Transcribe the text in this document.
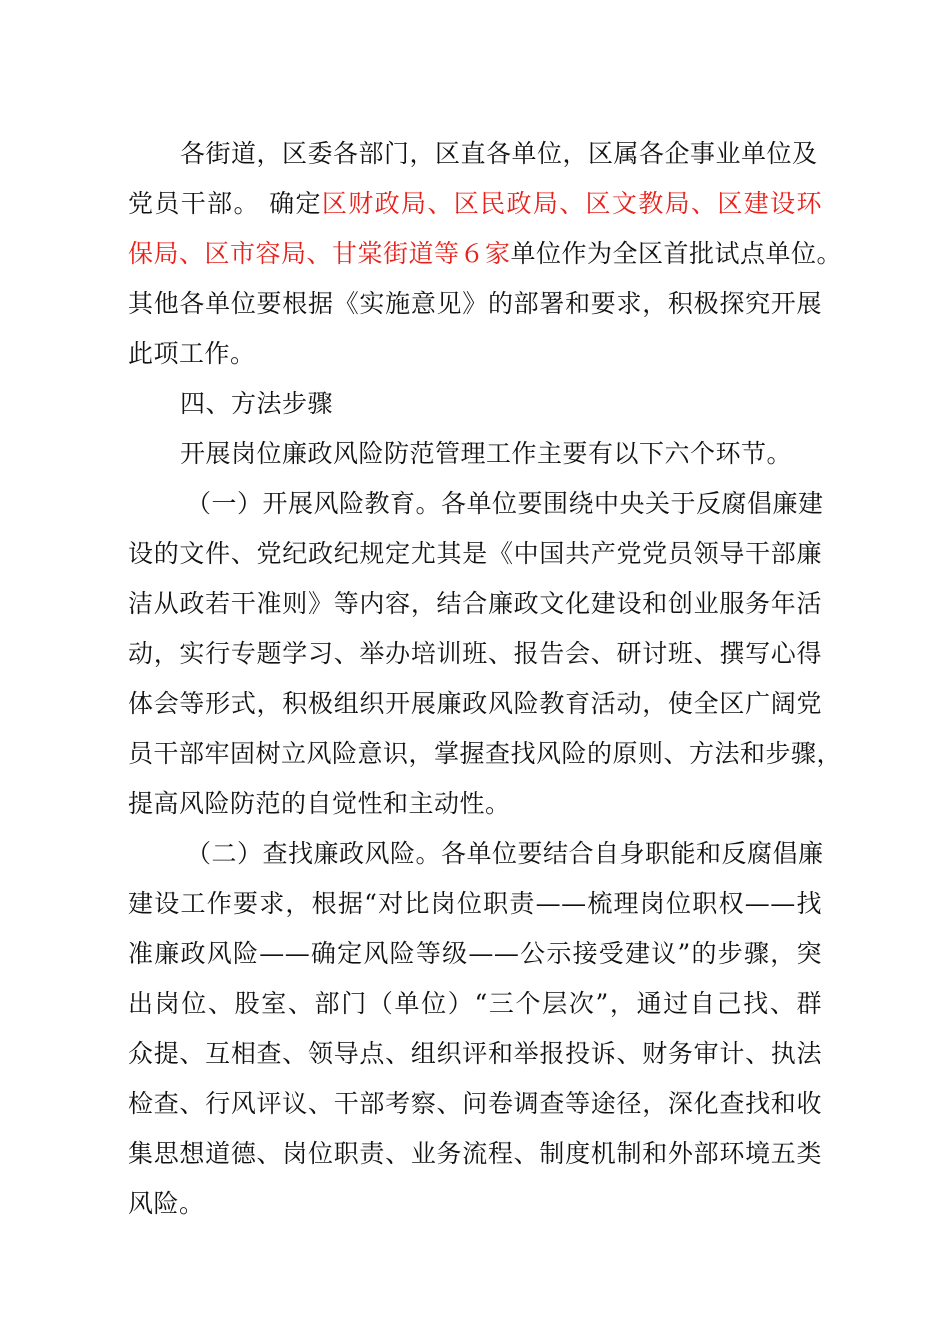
各街道，区委各部门，区直各单位，区属各企事业单位及
党员干部。 确定区财政局、区民政局、区文教局、区建设环
保局、区市容局、甘棠街道等６家单位作为全区首批试点单位。
其他各单位要根据《实施意见》的部署和要求，积极探究开展
此项工作。
四、方法步骤
开展岗位廉政风险防范管理工作主要有以下六个环节。
（一）开展风险教育。各单位要围绕中央关于反腐倡廉建
设的文件、党纪政纪规定尤其是《中国共产党党员领导干部廉
洁从政若干准则》等内容，结合廉政文化建设和创业服务年活
动，实行专题学习、举办培训班、报告会、研讨班、撰写心得
体会等形式，积极组织开展廉政风险教育活动，使全区广阔党
员干部牢固树立风险意识，掌握查找风险的原则、方法和步骤，
提高风险防范的自觉性和主动性。
（二）查找廉政风险。各单位要结合自身职能和反腐倡廉
建设工作要求，根据“对比岗位职责——梳理岗位职权——找
准廉政风险——确定风险等级——公示接受建议”的步骤，突
出岗位、股室、部门（单位）“三个层次”，通过自己找、群
众提、互相查、领导点、组织评和举报投诉、财务审计、执法
检查、行风评议、干部考察、问卷调查等途径，深化查找和收
集思想道德、岗位职责、业务流程、制度机制和外部环境五类
风险。
